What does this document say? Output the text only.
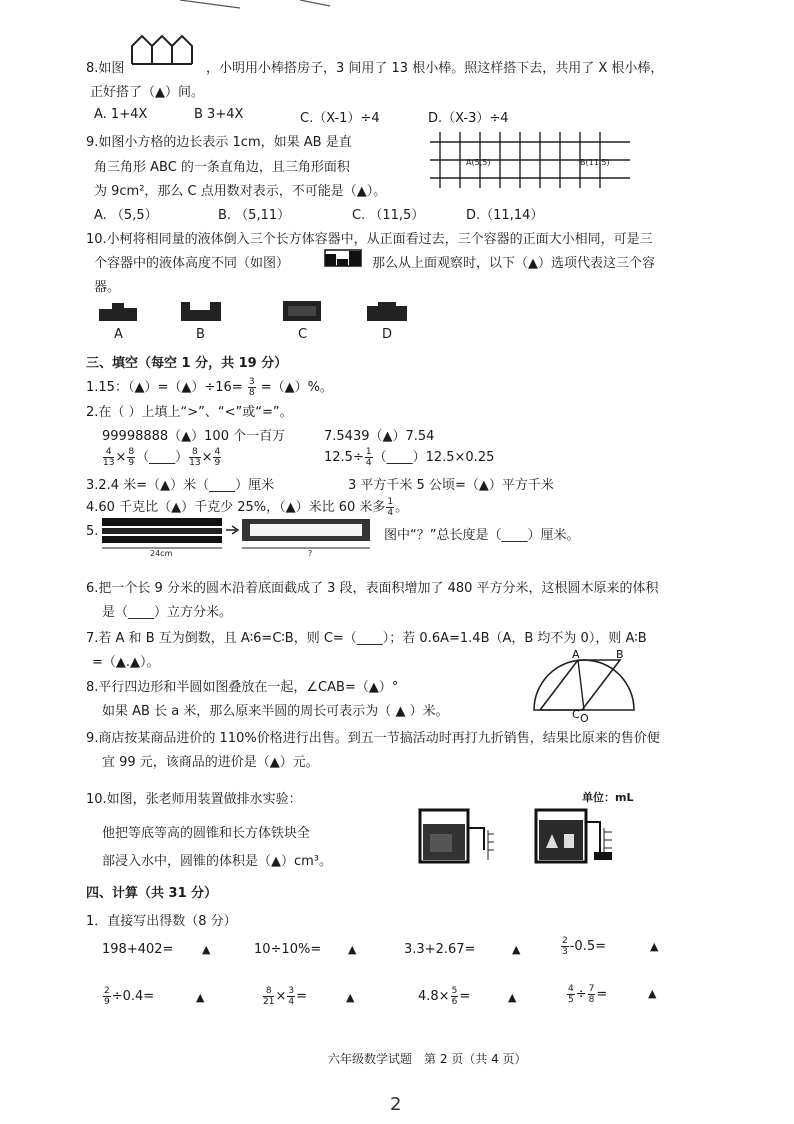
8.如图	，小明用小棒搭房子，3 间用了 13 根小棒。照这样搭下去，共用了 X 根小棒，
正好搭了（▲）间。
A. 1+4X	B 3+4X	C.（X-1）÷4	D.（X-3）÷4
9.如图小方格的边长表示 1cm，如果 AB 是直
角三角形 ABC 的一条直角边，且三角形面积
为 9cm²，那么 C 点用数对表示，不可能是（▲）。
A(5,5)	B(11,5)
A. （5,5）	B. （5,11）	C. （11,5）	D.（11,14）
10.小柯将相同量的液体倒入三个长方体容器中，从正面看过去，三个容器的正面大小相同，可是三
个容器中的液体高度不同（如图）	那么从上面观察时，以下（▲）选项代表这三个容
器。
A	B	C	D
三、填空（每空 1 分，共 19 分）
1.15：（▲）=（▲）÷16= $\frac{3}{8}$ =（▲）%。
2.在（ ）上填上“>”、“<”或“=”。
99998888（▲）100 个一百万	7.5439（▲）7.54
$\frac{4}{13} \times \frac{8}{9}$ （____） $\frac{8}{13} \times \frac{4}{9}$	$12.5\div \frac{1}{4}$ （____）12.5×0.25
3.2.4 米=（▲）米（____）厘米	3 平方千米 5 公顷=（▲）平方千米
4.60 千克比（▲）千克少 25%，（▲）米比 60 米多 $\frac{1}{4}$ 。
5.
24cm	?
图中“？”总长度是（____）厘米。
6.把一个长 9 分米的圆木沿着底面截成了 3 段，表面积增加了 480 平方分米，这根圆木原来的体积
是（____）立方分米。
7.若 A 和 B 互为倒数，且 A∶6=C∶B，则 C=（____）；若 0.6A=1.4B（A，B 均不为 0），则 A∶B
=（▲.▲）。
8.平行四边形和半圆如图叠放在一起，∠CAB=（▲）°
如果 AB 长 a 米，那么原来半圆的周长可表示为（ ▲ ）米。
A	B
C O
9.商店按某商品进价的 110%价格进行出售。到五一节搞活动时再打九折销售，结果比原来的售价便
宜 99 元，该商品的进价是（▲）元。
10.如图，张老师用装置做排水实验：
他把等底等高的圆锥和长方体铁块全
部浸入水中，圆锥的体积是（▲）cm³。
单位：mL
四、计算（共 31 分）
1．直接写出得数（8 分）
198+402=	▲	10÷10%= ▲	3.3+2.67=	▲	$\frac{2}{3} -0.5=$	▲
$\frac{2}{9} \div 0.4=$	▲	$\frac{8}{21} \times \frac{3}{4}$ =	▲	$4.8\times \frac{5}{6}$ =	▲	$\frac{4}{5} \div \frac{7}{8}$ =	▲
六年级数学试题　第 2 页（共 4 页）
2
